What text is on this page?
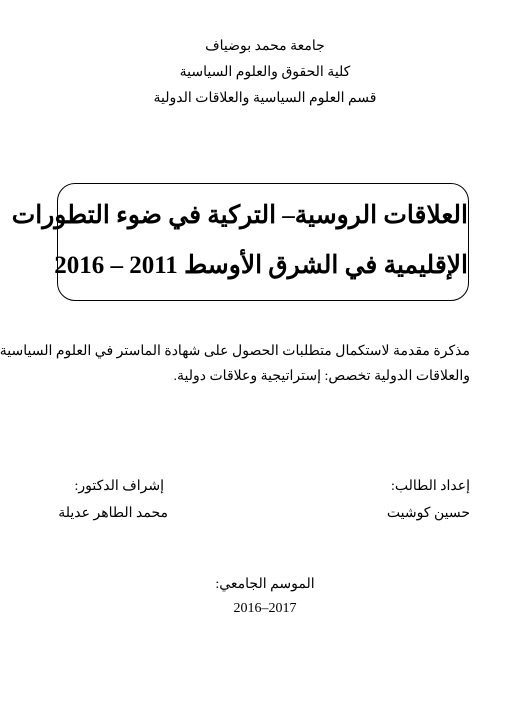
جامعة محمد بوضياف
كلية الحقوق والعلوم السياسية
قسم العلوم السياسية والعلاقات الدولية
العلاقات الروسية– التركية في ضوء التطورات
الإقليمية في الشرق الأوسط 2011 – 2016
مذكرة مقدمة لاستكمال متطلبات الحصول على شهادة الماستر في العلوم السياسية
والعلاقات الدولية تخصص: إستراتيجية وعلاقات دولية.
إعداد الطالب:
حسين كوشيت
إشراف الدكتور:
محمد الطاهر عديلة
الموسم الجامعي:
2016–2017
